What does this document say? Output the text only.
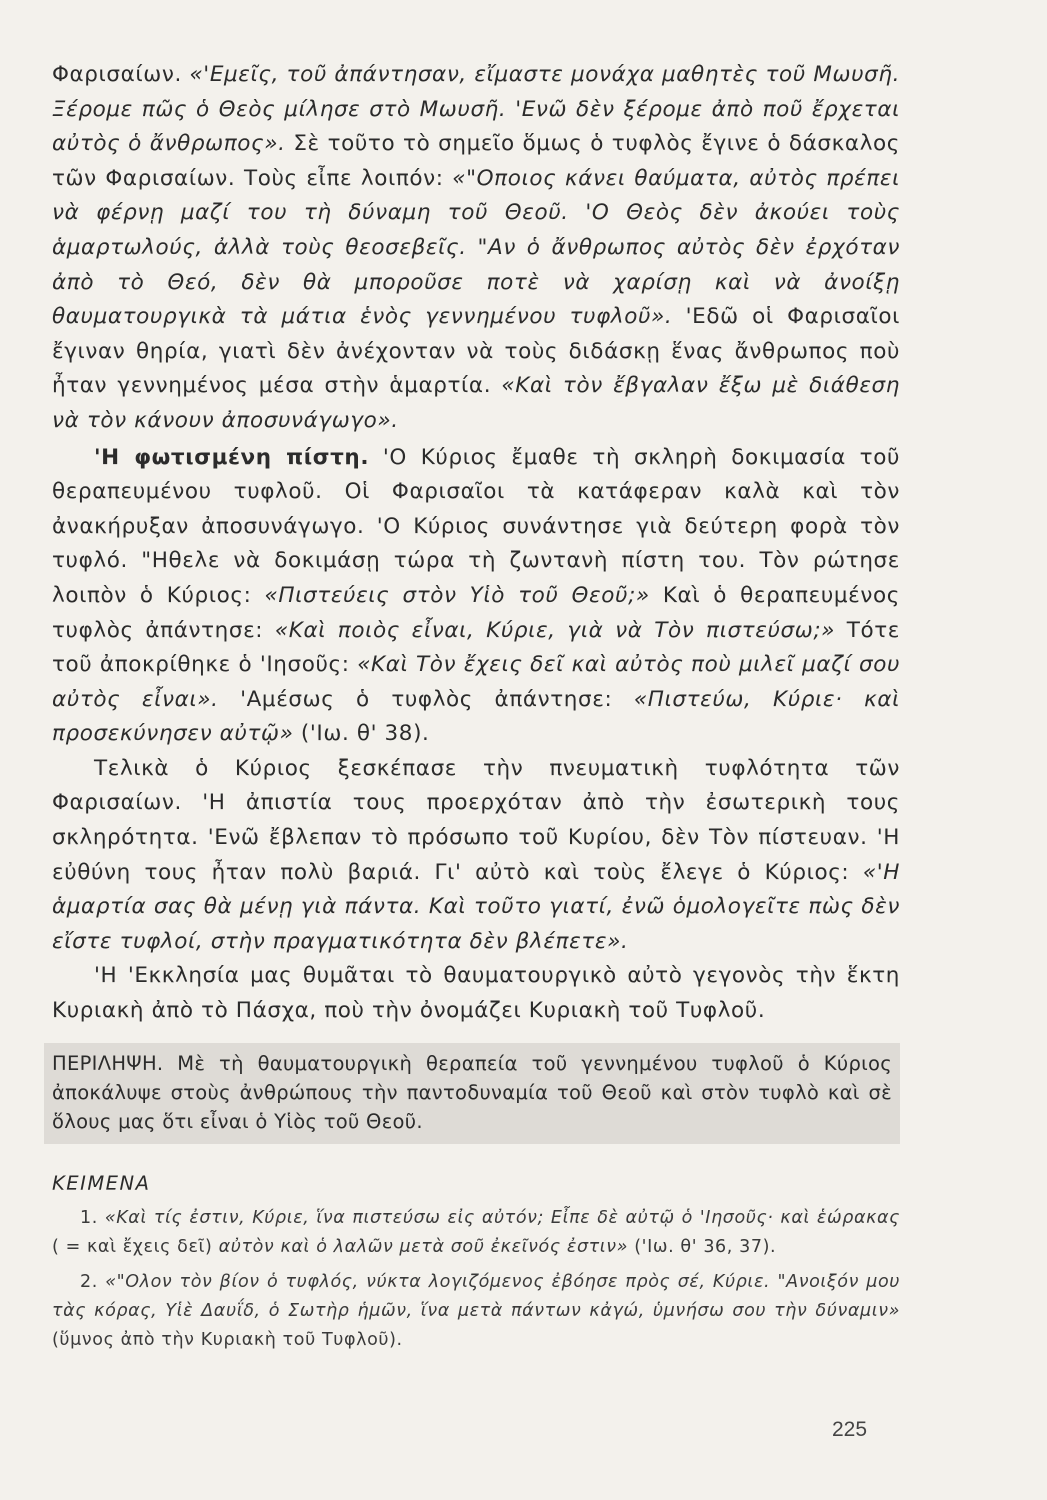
Φαρισαίων. «'Εμεῖς, τοῦ ἀπάντησαν, εἴμαστε μονάχα μαθητὲς τοῦ Μωυσῆ. Ξέρομε πῶς ὁ Θεὸς μίλησε στὸ Μωυσῆ. 'Ενῶ δὲν ξέρομε ἀπὸ ποῦ ἔρχεται αὐτὸς ὁ ἄνθρωπος». Σὲ τοῦτο τὸ σημεῖο ὅμως ὁ τυφλὸς ἔγινε ὁ δάσκαλος τῶν Φαρισαίων. Τοὺς εἶπε λοιπόν: «"Οποιος κάνει θαύματα, αὐτὸς πρέπει νὰ φέρνῃ μαζί του τὴ δύναμη τοῦ Θεοῦ. 'Ο Θεὸς δὲν ἀκούει τοὺς ἁμαρτωλούς, ἀλλὰ τοὺς θεοσεβεῖς. "Αν ὁ ἄνθρωπος αὐτὸς δὲν ἐρχόταν ἀπὸ τὸ Θεό, δὲν θὰ μποροῦσε ποτὲ νὰ χαρίσῃ καὶ νὰ ἀνοίξῃ θαυματουργικὰ τὰ μάτια ἑνὸς γεννημένου τυφλοῦ». 'Εδῶ οἱ Φαρισαῖοι ἔγιναν θηρία, γιατὶ δὲν ἀνέχονταν νὰ τοὺς διδάσκῃ ἕνας ἄνθρωπος ποὺ ἦταν γεννημένος μέσα στὴν ἁμαρτία. «Καὶ τὸν ἔβγαλαν ἔξω μὲ διάθεση νὰ τὸν κάνουν ἀποσυνάγωγο».

'Η φωτισμένη πίστη. 'Ο Κύριος ἔμαθε τὴ σκληρὴ δοκιμασία τοῦ θεραπευμένου τυφλοῦ. Οἱ Φαρισαῖοι τὰ κατάφεραν καλὰ καὶ τὸν ἀνακήρυξαν ἀποσυνάγωγο. 'Ο Κύριος συνάντησε γιὰ δεύτερη φορὰ τὸν τυφλό. "Ηθελε νὰ δοκιμάσῃ τώρα τὴ ζωντανὴ πίστη του. Τὸν ρώτησε λοιπὸν ὁ Κύριος: «Πιστεύεις στὸν Υἱὸ τοῦ Θεοῦ;» Καὶ ὁ θεραπευμένος τυφλὸς ἀπάντησε: «Καὶ ποιὸς εἶναι, Κύριε, γιὰ νὰ Τὸν πιστεύσω;» Τότε τοῦ ἀποκρίθηκε ὁ 'Ιησοῦς: «Καὶ Τὸν ἔχεις δεῖ καὶ αὐτὸς ποὺ μιλεῖ μαζί σου αὐτὸς εἶναι». 'Αμέσως ὁ τυφλὸς ἀπάντησε: «Πιστεύω, Κύριε· καὶ προσεκύνησεν αὐτῷ» ('Ιω. θ' 38).

Τελικὰ ὁ Κύριος ξεσκέπασε τὴν πνευματικὴ τυφλότητα τῶν Φαρισαίων. 'Η ἀπιστία τους προερχόταν ἀπὸ τὴν ἐσωτερικὴ τους σκληρότητα. 'Ενῶ ἔβλεπαν τὸ πρόσωπο τοῦ Κυρίου, δὲν Τὸν πίστευαν. 'Η εὐθύνη τους ἦταν πολὺ βαριά. Γι' αὐτὸ καὶ τοὺς ἔλεγε ὁ Κύριος: «'Η ἁμαρτία σας θὰ μένῃ γιὰ πάντα. Καὶ τοῦτο γιατί, ἐνῶ ὁμολογεῖτε πὼς δὲν εἴστε τυφλοί, στὴν πραγματικότητα δὲν βλέπετε».

'Η 'Εκκλησία μας θυμᾶται τὸ θαυματουργικὸ αὐτὸ γεγονὸς τὴν ἕκτη Κυριακὴ ἀπὸ τὸ Πάσχα, ποὺ τὴν ὀνομάζει Κυριακὴ τοῦ Τυφλοῦ.

ΠΕΡΙΛΗΨΗ. Μὲ τὴ θαυματουργικὴ θεραπεία τοῦ γεννημένου τυφλοῦ ὁ Κύριος ἀποκάλυψε στοὺς ἀνθρώπους τὴν παντοδυναμία τοῦ Θεοῦ καὶ στὸν τυφλὸ καὶ σὲ ὅλους μας ὅτι εἶναι ὁ Υἱὸς τοῦ Θεοῦ.
ΚΕΙΜΕΝΑ

1. «Καὶ τίς ἐστιν, Κύριε, ἵνα πιστεύσω εἰς αὐτόν; Εἶπε δὲ αὐτῷ ὁ 'Ιησοῦς· καὶ ἑώρακας ( = καὶ ἔχεις δεῖ) αὐτὸν καὶ ὁ λαλῶν μετὰ σοῦ ἐκεῖνός ἐστιν» ('Ιω. θ' 36, 37).

2. «"Ολον τὸν βίον ὁ τυφλός, νύκτα λογιζόμενος ἐβόησε πρὸς σέ, Κύριε. "Ανοιξόν μου τὰς κόρας, Υἱὲ Δαυΐδ, ὁ Σωτὴρ ἡμῶν, ἵνα μετὰ πάντων κἀγώ, ὑμνήσω σου τὴν δύναμιν» (ὕμνος ἀπὸ τὴν Κυριακὴ τοῦ Τυφλοῦ).

225
